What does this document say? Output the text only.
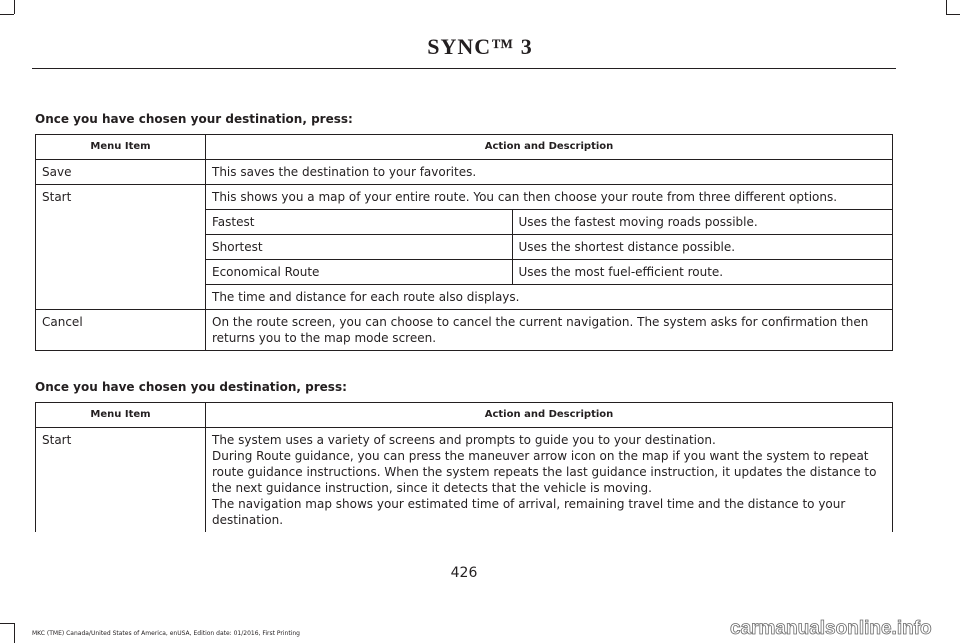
SYNC™ 3
Once you have chosen your destination, press:
Menu Item	Action and Description
Save	This saves the destination to your favorites.
Start	This shows you a map of your entire route. You can then choose your route from three different options.

Fastest	Uses the fastest moving roads possible.
Shortest	Uses the shortest distance possible.
Economical Route	Uses the most fuel-efficient route.

The time and distance for each route also displays.
Cancel	On the route screen, you can choose to cancel the current navigation. The system asks for confirmation then returns you to the map mode screen.
Once you have chosen you destination, press:
Menu Item	Action and Description
Start	The system uses a variety of screens and prompts to guide you to your destination.
During Route guidance, you can press the maneuver arrow icon on the map if you want the system to repeat route guidance instructions. When the system repeats the last guidance instruction, it updates the distance to the next guidance instruction, since it detects that the vehicle is moving.
The navigation map shows your estimated time of arrival, remaining travel time and the distance to your destination.
426
MKC (TME) Canada/United States of America, enUSA, Edition date: 01/2016, First Printing	carmanualsonline.info
